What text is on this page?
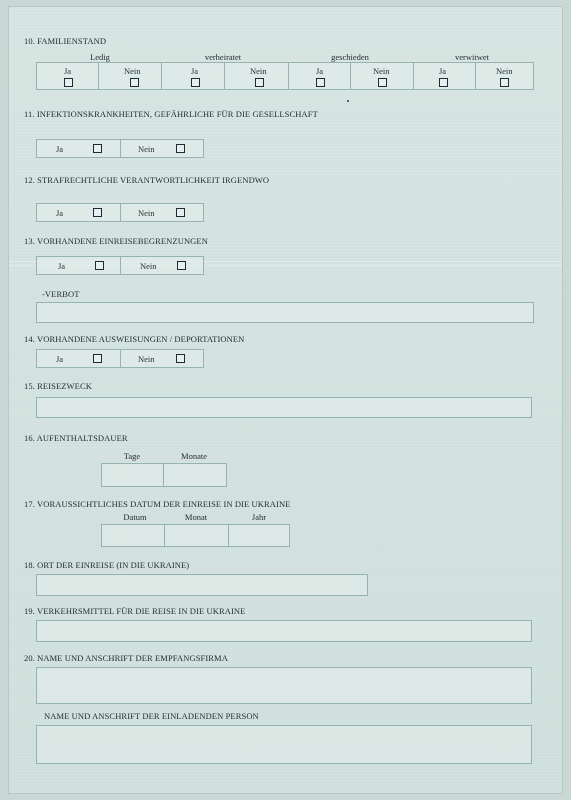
10. FAMILIENSTAND
Ledig	verheiratet	geschieden	verwitwet
Ja	Nein	Ja	Nein	Ja	Nein	Ja	Nein
11. INFEKTIONSKRANKHEITEN, GEFÄHRLICHE FÜR DIE GESELLSCHAFT
Ja	Nein
12. STRAFRECHTLICHE VERANTWORTLICHKEIT IRGENDWO
Ja	Nein
13. VORHANDENE EINREISEBEGRENZUNGEN
Ja	Nein
-VERBOT
14. VORHANDENE AUSWEISUNGEN / DEPORTATIONEN
Ja	Nein
15. REISEZWECK
16. AUFENTHALTSDAUER
Tage	Monate
17. VORAUSSICHTLICHES DATUM DER EINREISE IN DIE UKRAINE
Datum	Monat	Jahr
18. ORT DER EINREISE (IN DIE UKRAINE)
19. VERKEHRSMITTEL FÜR DIE REISE IN DIE UKRAINE
20. NAME UND ANSCHRIFT DER EMPFANGSFIRMA
NAME UND ANSCHRIFT DER EINLADENDEN PERSON
